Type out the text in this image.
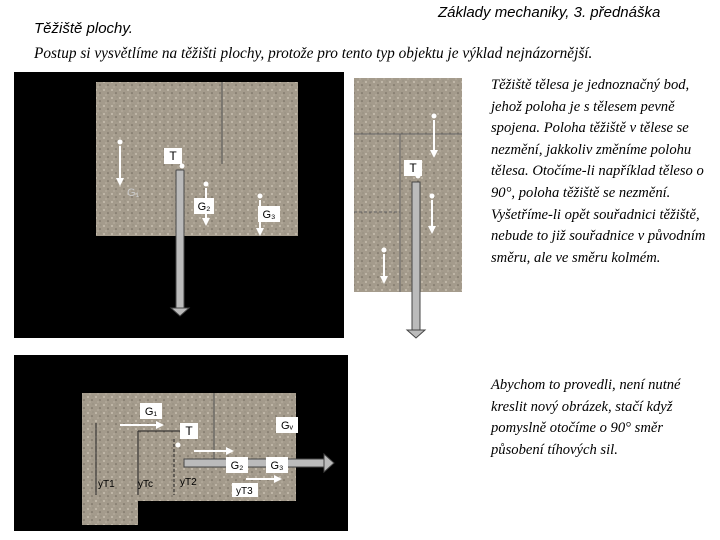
Základy mechaniky, 3. přednáška
Těžiště plochy.
Postup si vysvětlíme na těžišti plochy, protože pro tento typ objektu je výklad nejnázornější.
G₁
T
G₂
G₃
T
G₁
T	Gᵥ
G₂ G₃
yT1 yTc	yT2
yT3
Těžiště tělesa je jednoznačný bod, jehož poloha je s tělesem pevně spojena. Poloha těžiště v tělese se nezmění, jakkoliv změníme polohu tělesa. Otočíme-li například těleso o 90°, poloha těžiště se nezmění. Vyšetříme-li opět souřadnici těžiště, nebude to již souřadnice v původním směru, ale ve směru kolmém.
Abychom to provedli, není nutné kreslit nový obrázek, stačí když pomyslně otočíme o 90° směr působení tíhových sil.
